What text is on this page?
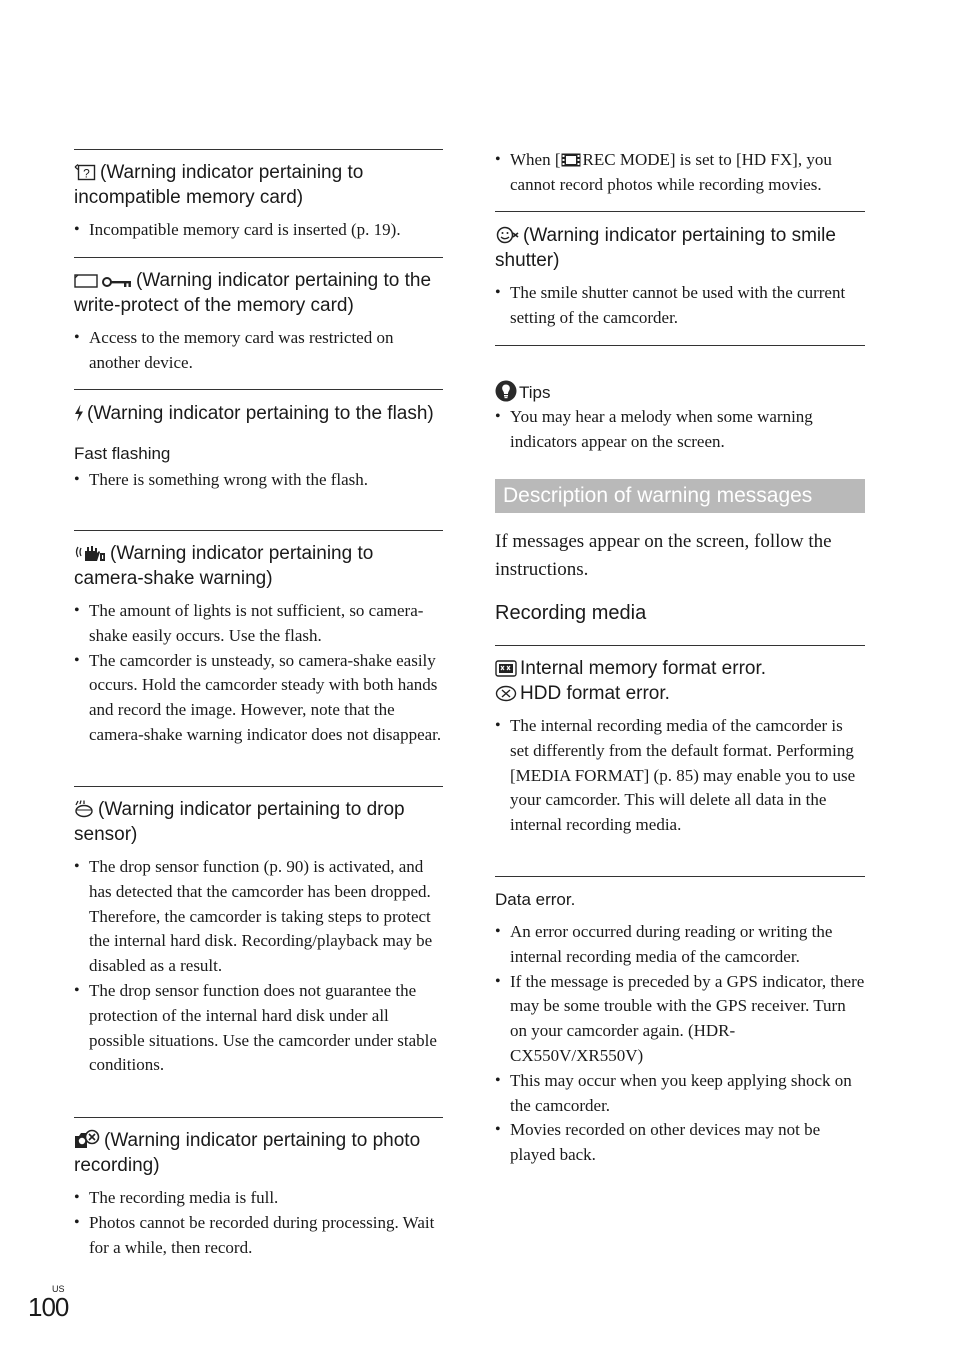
? (Warning indicator pertaining to incompatible memory card)

• Incompatible memory card is inserted (p. 19).

(Warning indicator pertaining to the write-protect of the memory card)

• Access to the memory card was restricted on another device.

(Warning indicator pertaining to the flash)

Fast flashing

• There is something wrong with the flash.

(Warning indicator pertaining to camera-shake warning)

• The amount of lights is not sufficient, so camera-shake easily occurs. Use the flash.
• The camcorder is unsteady, so camera-shake easily occurs. Hold the camcorder steady with both hands and record the image. However, note that the camera-shake warning indicator does not disappear.

(Warning indicator pertaining to drop sensor)

• The drop sensor function (p. 90) is activated, and has detected that the camcorder has been dropped. Therefore, the camcorder is taking steps to protect the internal hard disk. Recording/playback may be disabled as a result.
• The drop sensor function does not guarantee the protection of the internal hard disk under all possible situations. Use the camcorder under stable conditions.

(Warning indicator pertaining to photo recording)

• The recording media is full.
• Photos cannot be recorded during processing. Wait for a while, then record.
• When [ REC MODE] is set to [HD FX], you cannot record photos while recording movies.

(Warning indicator pertaining to smile shutter)

• The smile shutter cannot be used with the current setting of the camcorder.

Tips

• You may hear a melody when some warning indicators appear on the screen.
Description of warning messages

If messages appear on the screen, follow the instructions.

Recording media

Internal memory format error.

HDD format error.

• The internal recording media of the camcorder is set differently from the default format. Performing [MEDIA FORMAT] (p. 85) may enable you to use your camcorder. This will delete all data in the internal recording media.

Data error.

• An error occurred during reading or writing the internal recording media of the camcorder.
• If the message is preceded by a GPS indicator, there may be some trouble with the GPS receiver. Turn on your camcorder again. (HDR-CX550V/XR550V)
• This may occur when you keep applying shock on the camcorder.
• Movies recorded on other devices may not be played back.
US
100
